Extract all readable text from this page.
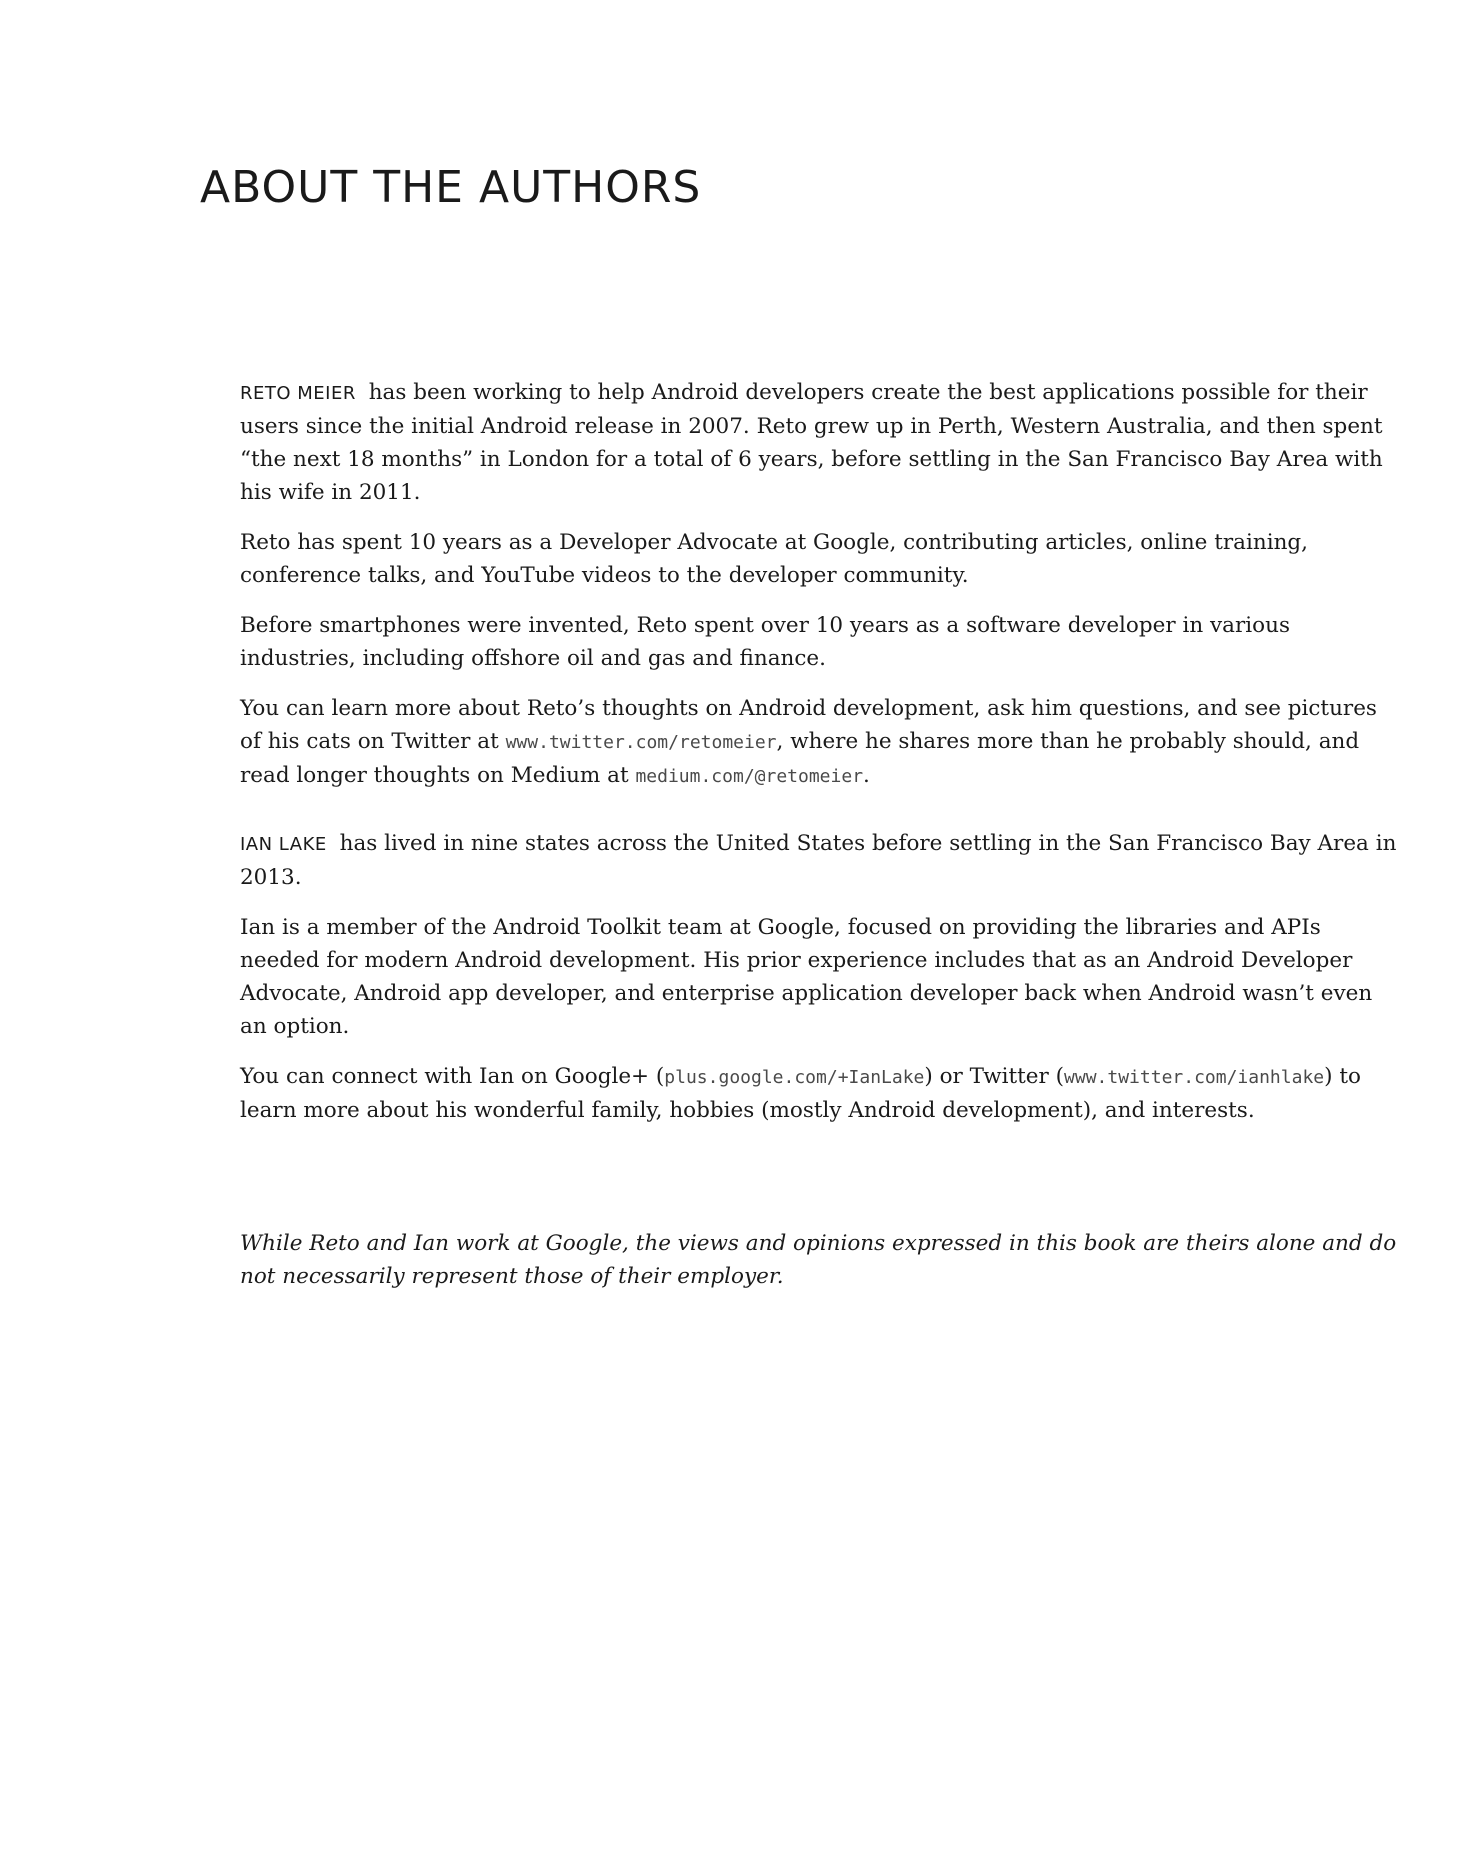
ABOUT THE AUTHORS

RETO MEIER has been working to help Android developers create the best applications possible for their users since the initial Android release in 2007. Reto grew up in Perth, Western Australia, and then spent “the next 18 months” in London for a total of 6 years, before settling in the San Francisco Bay Area with his wife in 2011.

Reto has spent 10 years as a Developer Advocate at Google, contributing articles, online training, conference talks, and YouTube videos to the developer community.

Before smartphones were invented, Reto spent over 10 years as a software developer in various industries, including offshore oil and gas and finance.

You can learn more about Reto’s thoughts on Android development, ask him questions, and see pictures of his cats on Twitter at www.twitter.com/retomeier, where he shares more than he probably should, and read longer thoughts on Medium at medium.com/@retomeier.

IAN LAKE has lived in nine states across the United States before settling in the San Francisco Bay Area in 2013.

Ian is a member of the Android Toolkit team at Google, focused on providing the libraries and APIs needed for modern Android development. His prior experience includes that as an Android Developer Advocate, Android app developer, and enterprise application developer back when Android wasn’t even an option.

You can connect with Ian on Google+ (plus.google.com/+IanLake) or Twitter (www.twitter.com/ianhlake) to learn more about his wonderful family, hobbies (mostly Android development), and interests.

While Reto and Ian work at Google, the views and opinions expressed in this book are theirs alone and do not necessarily represent those of their employer.
